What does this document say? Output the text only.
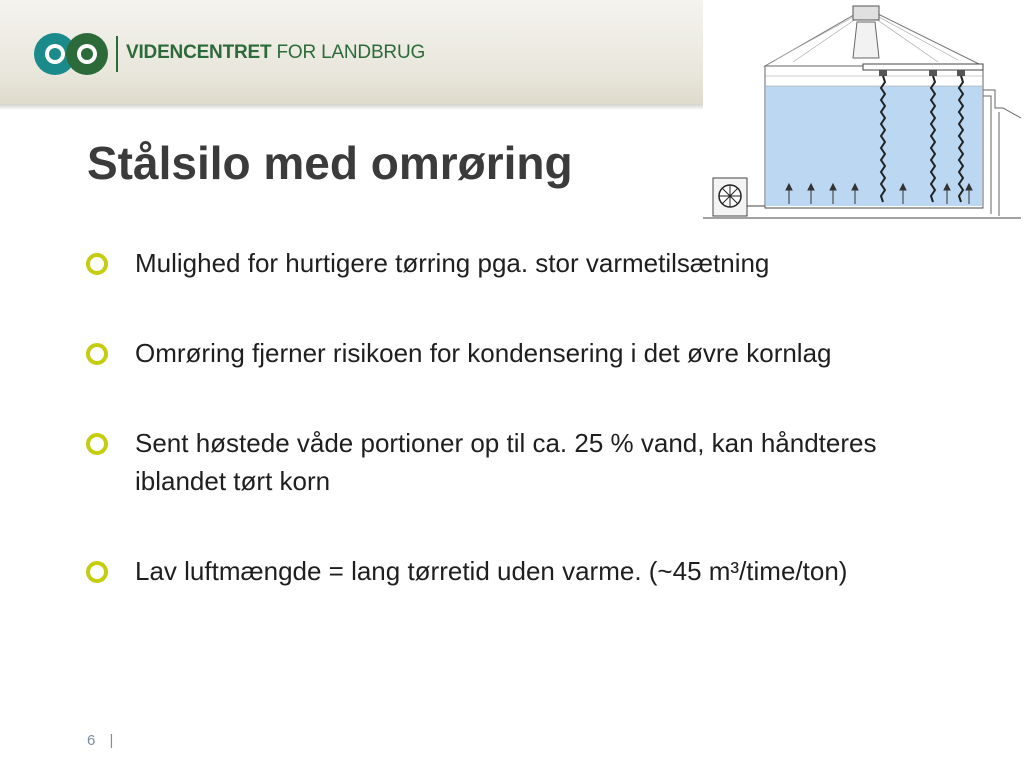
VIDENCENTRET FOR LANDBRUG
Stålsilo med omrøring
Mulighed for hurtigere tørring pga. stor varmetilsætning
Omrøring fjerner risikoen for kondensering i det øvre kornlag
Sent høstede våde portioner op til ca. 25 % vand, kan håndteres iblandet tørt korn
Lav luftmængde = lang tørretid uden varme. (~45 m³/time/ton)
6 |
